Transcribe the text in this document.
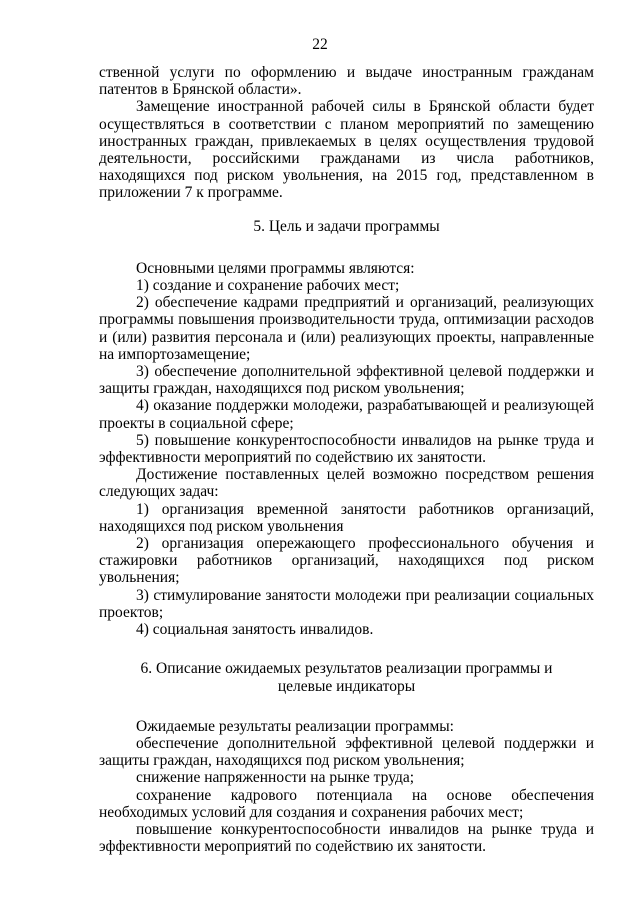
22

ственной услуги по оформлению и выдаче иностранным гражданам патентов в Брянской области».

Замещение иностранной рабочей силы в Брянской области будет осуществляться в соответствии с планом мероприятий по замещению иностранных граждан, привлекаемых в целях осуществления трудовой деятельности, российскими гражданами из числа работников, находящихся под риском увольнения, на 2015 год, представленном в приложении 7 к программе.

5. Цель и задачи программы

Основными целями программы являются:

1) создание и сохранение рабочих мест;

2) обеспечение кадрами предприятий и организаций, реализующих программы повышения производительности труда, оптимизации расходов и (или) развития персонала и (или) реализующих проекты, направленные на импортозамещение;

3) обеспечение дополнительной эффективной целевой поддержки и защиты граждан, находящихся под риском увольнения;

4) оказание поддержки молодежи, разрабатывающей и реализующей проекты в социальной сфере;

5) повышение конкурентоспособности инвалидов на рынке труда и эффективности мероприятий по содействию их занятости.

Достижение поставленных целей возможно посредством решения следующих задач:

1) организация временной занятости работников организаций, находящихся под риском увольнения

2) организация опережающего профессионального обучения и стажировки работников организаций, находящихся под риском увольнения;

3) стимулирование занятости молодежи при реализации социальных проектов;

4) социальная занятость инвалидов.

6. Описание ожидаемых результатов реализации программы и
целевые индикаторы

Ожидаемые результаты реализации программы:

обеспечение дополнительной эффективной целевой поддержки и защиты граждан, находящихся под риском увольнения;

снижение напряженности на рынке труда;

сохранение кадрового потенциала на основе обеспечения необходимых условий для создания и сохранения рабочих мест;

повышение конкурентоспособности инвалидов на рынке труда и эффективности мероприятий по содействию их занятости.
